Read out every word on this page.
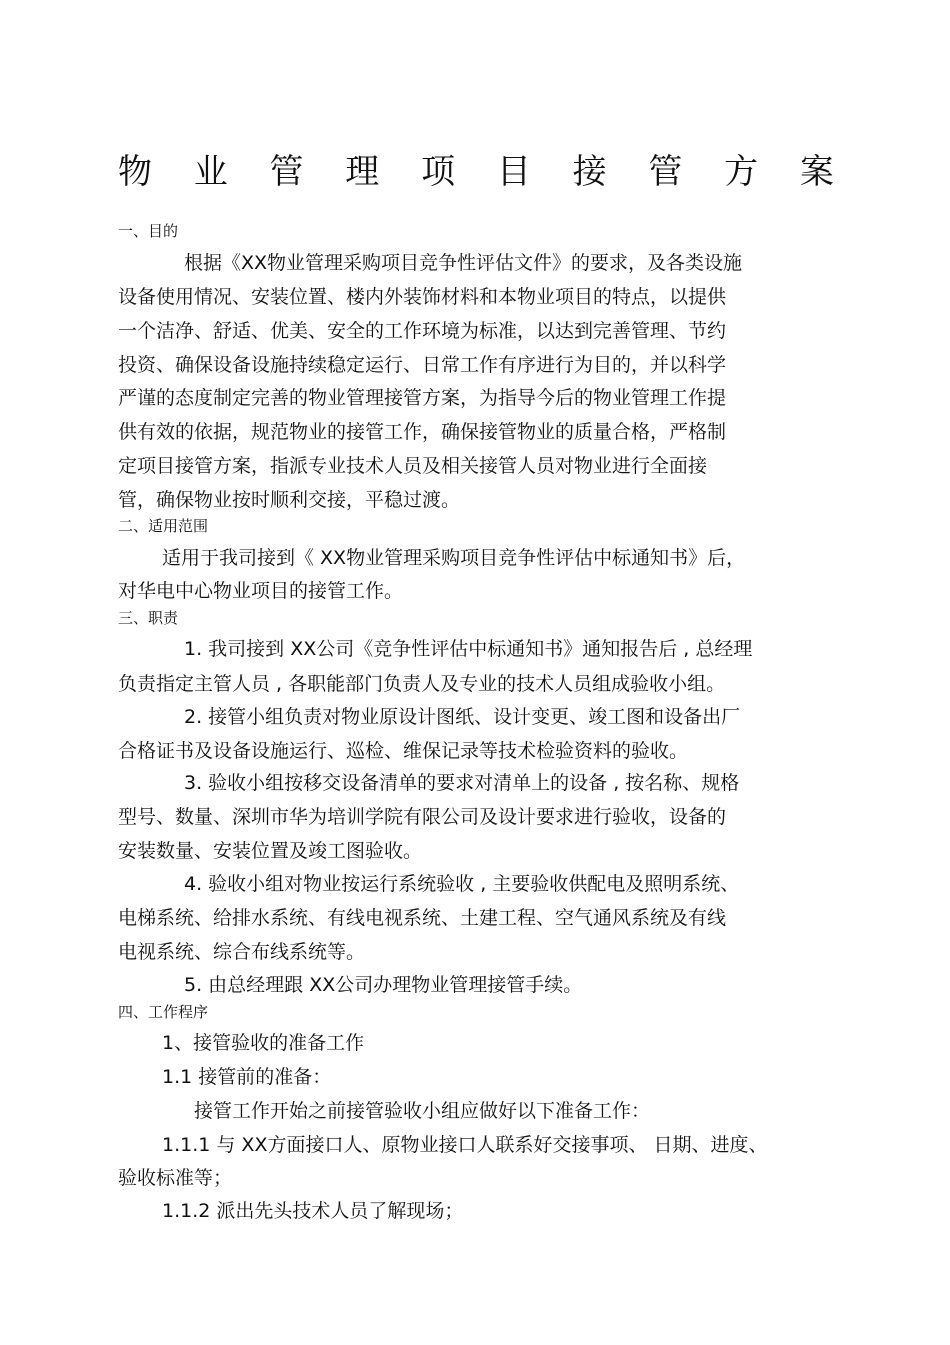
物 业 管 理 项 目 接 管 方 案
一、目的
根据《XX物业管理采购项目竞争性评估文件》的要求，及各类设施
设备使用情况、安装位置、楼内外装饰材料和本物业项目的特点，以提供
一个洁净、舒适、优美、安全的工作环境为标准，以达到完善管理、节约
投资、确保设备设施持续稳定运行、日常工作有序进行为目的，并以科学
严谨的态度制定完善的物业管理接管方案，为指导今后的物业管理工作提
供有效的依据，规范物业的接管工作，确保接管物业的质量合格，严格制
定项目接管方案，指派专业技术人员及相关接管人员对物业进行全面接
管，确保物业按时顺利交接，平稳过渡。
二、适用范围
适用于我司接到《 XX物业管理采购项目竞争性评估中标通知书》后，
对华电中心物业项目的接管工作。
三、职责
1. 我司接到 XX公司《竞争性评估中标通知书》通知报告后 , 总经理
负责指定主管人员 , 各职能部门负责人及专业的技术人员组成验收小组。
2. 接管小组负责对物业原设计图纸、设计变更、竣工图和设备出厂
合格证书及设备设施运行、巡检、维保记录等技术检验资料的验收。
3. 验收小组按移交设备清单的要求对清单上的设备 , 按名称、规格
型号、数量、深圳市华为培训学院有限公司及设计要求进行验收，设备的
安装数量、安装位置及竣工图验收。
4. 验收小组对物业按运行系统验收 , 主要验收供配电及照明系统、
电梯系统、给排水系统、有线电视系统、土建工程、空气通风系统及有线
电视系统、综合布线系统等。
5. 由总经理跟 XX公司办理物业管理接管手续。
四、工作程序
1、接管验收的准备工作
1.1 接管前的准备：
接管工作开始之前接管验收小组应做好以下准备工作：
1.1.1 与 XX方面接口人、原物业接口人联系好交接事项、 日期、进度、
验收标准等；
1.1.2 派出先头技术人员了解现场；
